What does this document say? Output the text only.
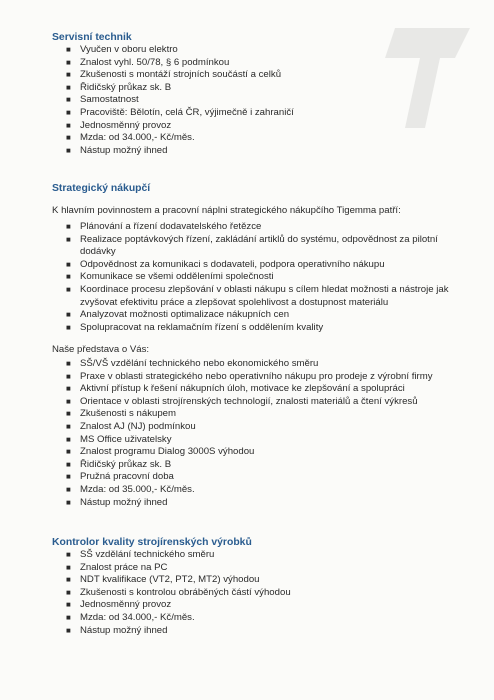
Servisní technik
■ Vyučen v oboru elektro
■ Znalost vyhl. 50/78, § 6 podmínkou
■ Zkušenosti s montáží strojních součástí a celků
■ Řidičský průkaz sk. B
■ Samostatnost
■ Pracoviště: Bělotín, celá ČR, výjimečně i zahraničí
■ Jednosměnný provoz
■ Mzda: od 34.000,- Kč/měs.
■ Nástup možný ihned
Strategický nákupčí
K hlavním povinnostem a pracovní náplni strategického nákupčího Tigemma patří:
■ Plánování a řízení dodavatelského řetězce
■ Realizace poptávkových řízení, zakládání artiklů do systému, odpovědnost za pilotní
dodávky
■ Odpovědnost za komunikaci s dodavateli, podpora operativního nákupu
■ Komunikace se všemi odděleními společnosti
■ Koordinace procesu zlepšování v oblasti nákupu s cílem hledat možnosti a nástroje jak
zvyšovat efektivitu práce a zlepšovat spolehlivost a dostupnost materiálu
■ Analyzovat možnosti optimalizace nákupních cen
■ Spolupracovat na reklamačním řízení s oddělením kvality
Naše představa o Vás:
■ SŠ/VŠ vzdělání technického nebo ekonomického směru
■ Praxe v oblasti strategického nebo operativního nákupu pro prodeje z výrobní firmy
■ Aktivní přístup k řešení nákupních úloh, motivace ke zlepšování a spolupráci
■ Orientace v oblasti strojírenských technologií, znalosti materiálů a čtení výkresů
■ Zkušenosti s nákupem
■ Znalost AJ (NJ) podmínkou
■ MS Office uživatelsky
■ Znalost programu Dialog 3000S výhodou
■ Řidičský průkaz sk. B
■ Pružná pracovní doba
■ Mzda: od 35.000,- Kč/měs.
■ Nástup možný ihned
Kontrolor kvality strojírenských výrobků
■ SŠ vzdělání technického směru
■ Znalost práce na PC
■ NDT kvalifikace (VT2, PT2, MT2) výhodou
■ Zkušenosti s kontrolou obráběných částí výhodou
■ Jednosměnný provoz
■ Mzda: od 34.000,- Kč/měs.
■ Nástup možný ihned
